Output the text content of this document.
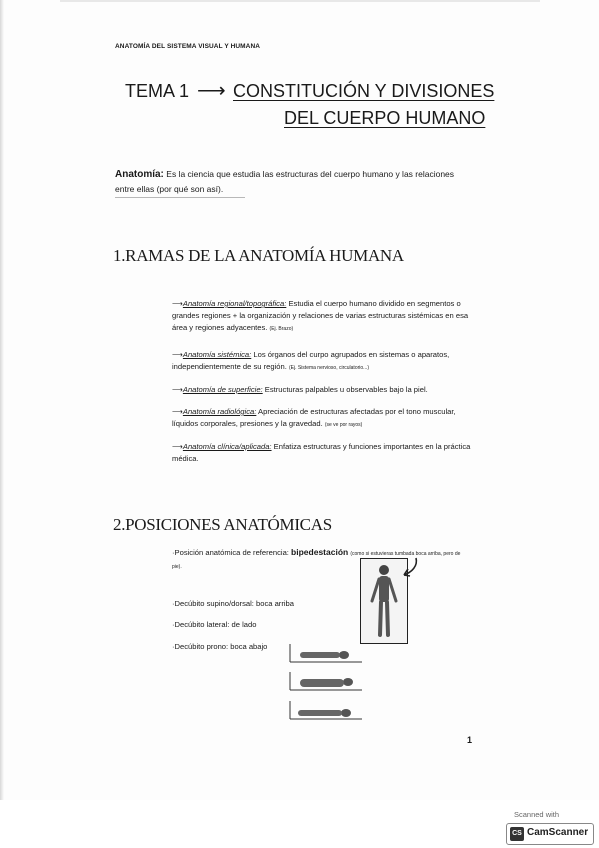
ANATOMÍA DEL SISTEMA VISUAL Y HUMANA
TEMA 1 ⟶ CONSTITUCIÓN Y DIVISIONES
DEL CUERPO HUMANO
Anatomía: Es la ciencia que estudia las estructuras del cuerpo humano y las relaciones entre ellas (por qué son así).
1.RAMAS DE LA ANATOMÍA HUMANA
⟶Anatomía regional/topográfica: Estudia el cuerpo humano dividido en segmentos o grandes regiones + la organización y relaciones de varias estructuras sistémicas en esa área y regiones adyacentes. (Ej. Brazo)
⟶Anatomía sistémica: Los órganos del curpo agrupados en sistemas o aparatos, independientemente de su región. (Ej. Sistema nervioso, circulatorio...)
⟶Anatomía de superficie: Estructuras palpables u observables bajo la piel.
⟶Anatomía radiológica: Apreciación de estructuras afectadas por el tono muscular, líquidos corporales, presiones y la gravedad. (se ve por rayos)
⟶Anatomía clínica/aplicada: Enfatiza estructuras y funciones importantes en la práctica médica.
2.POSICIONES ANATÓMICAS
·Posición anatómica de referencia: bipedestación (como si estuvieras tumbada boca arriba, pero de pie).
·Decúbito supino/dorsal: boca arriba
·Decúbito lateral: de lado
·Decúbito prono: boca abajo
1
Scanned with
CS CamScanner
